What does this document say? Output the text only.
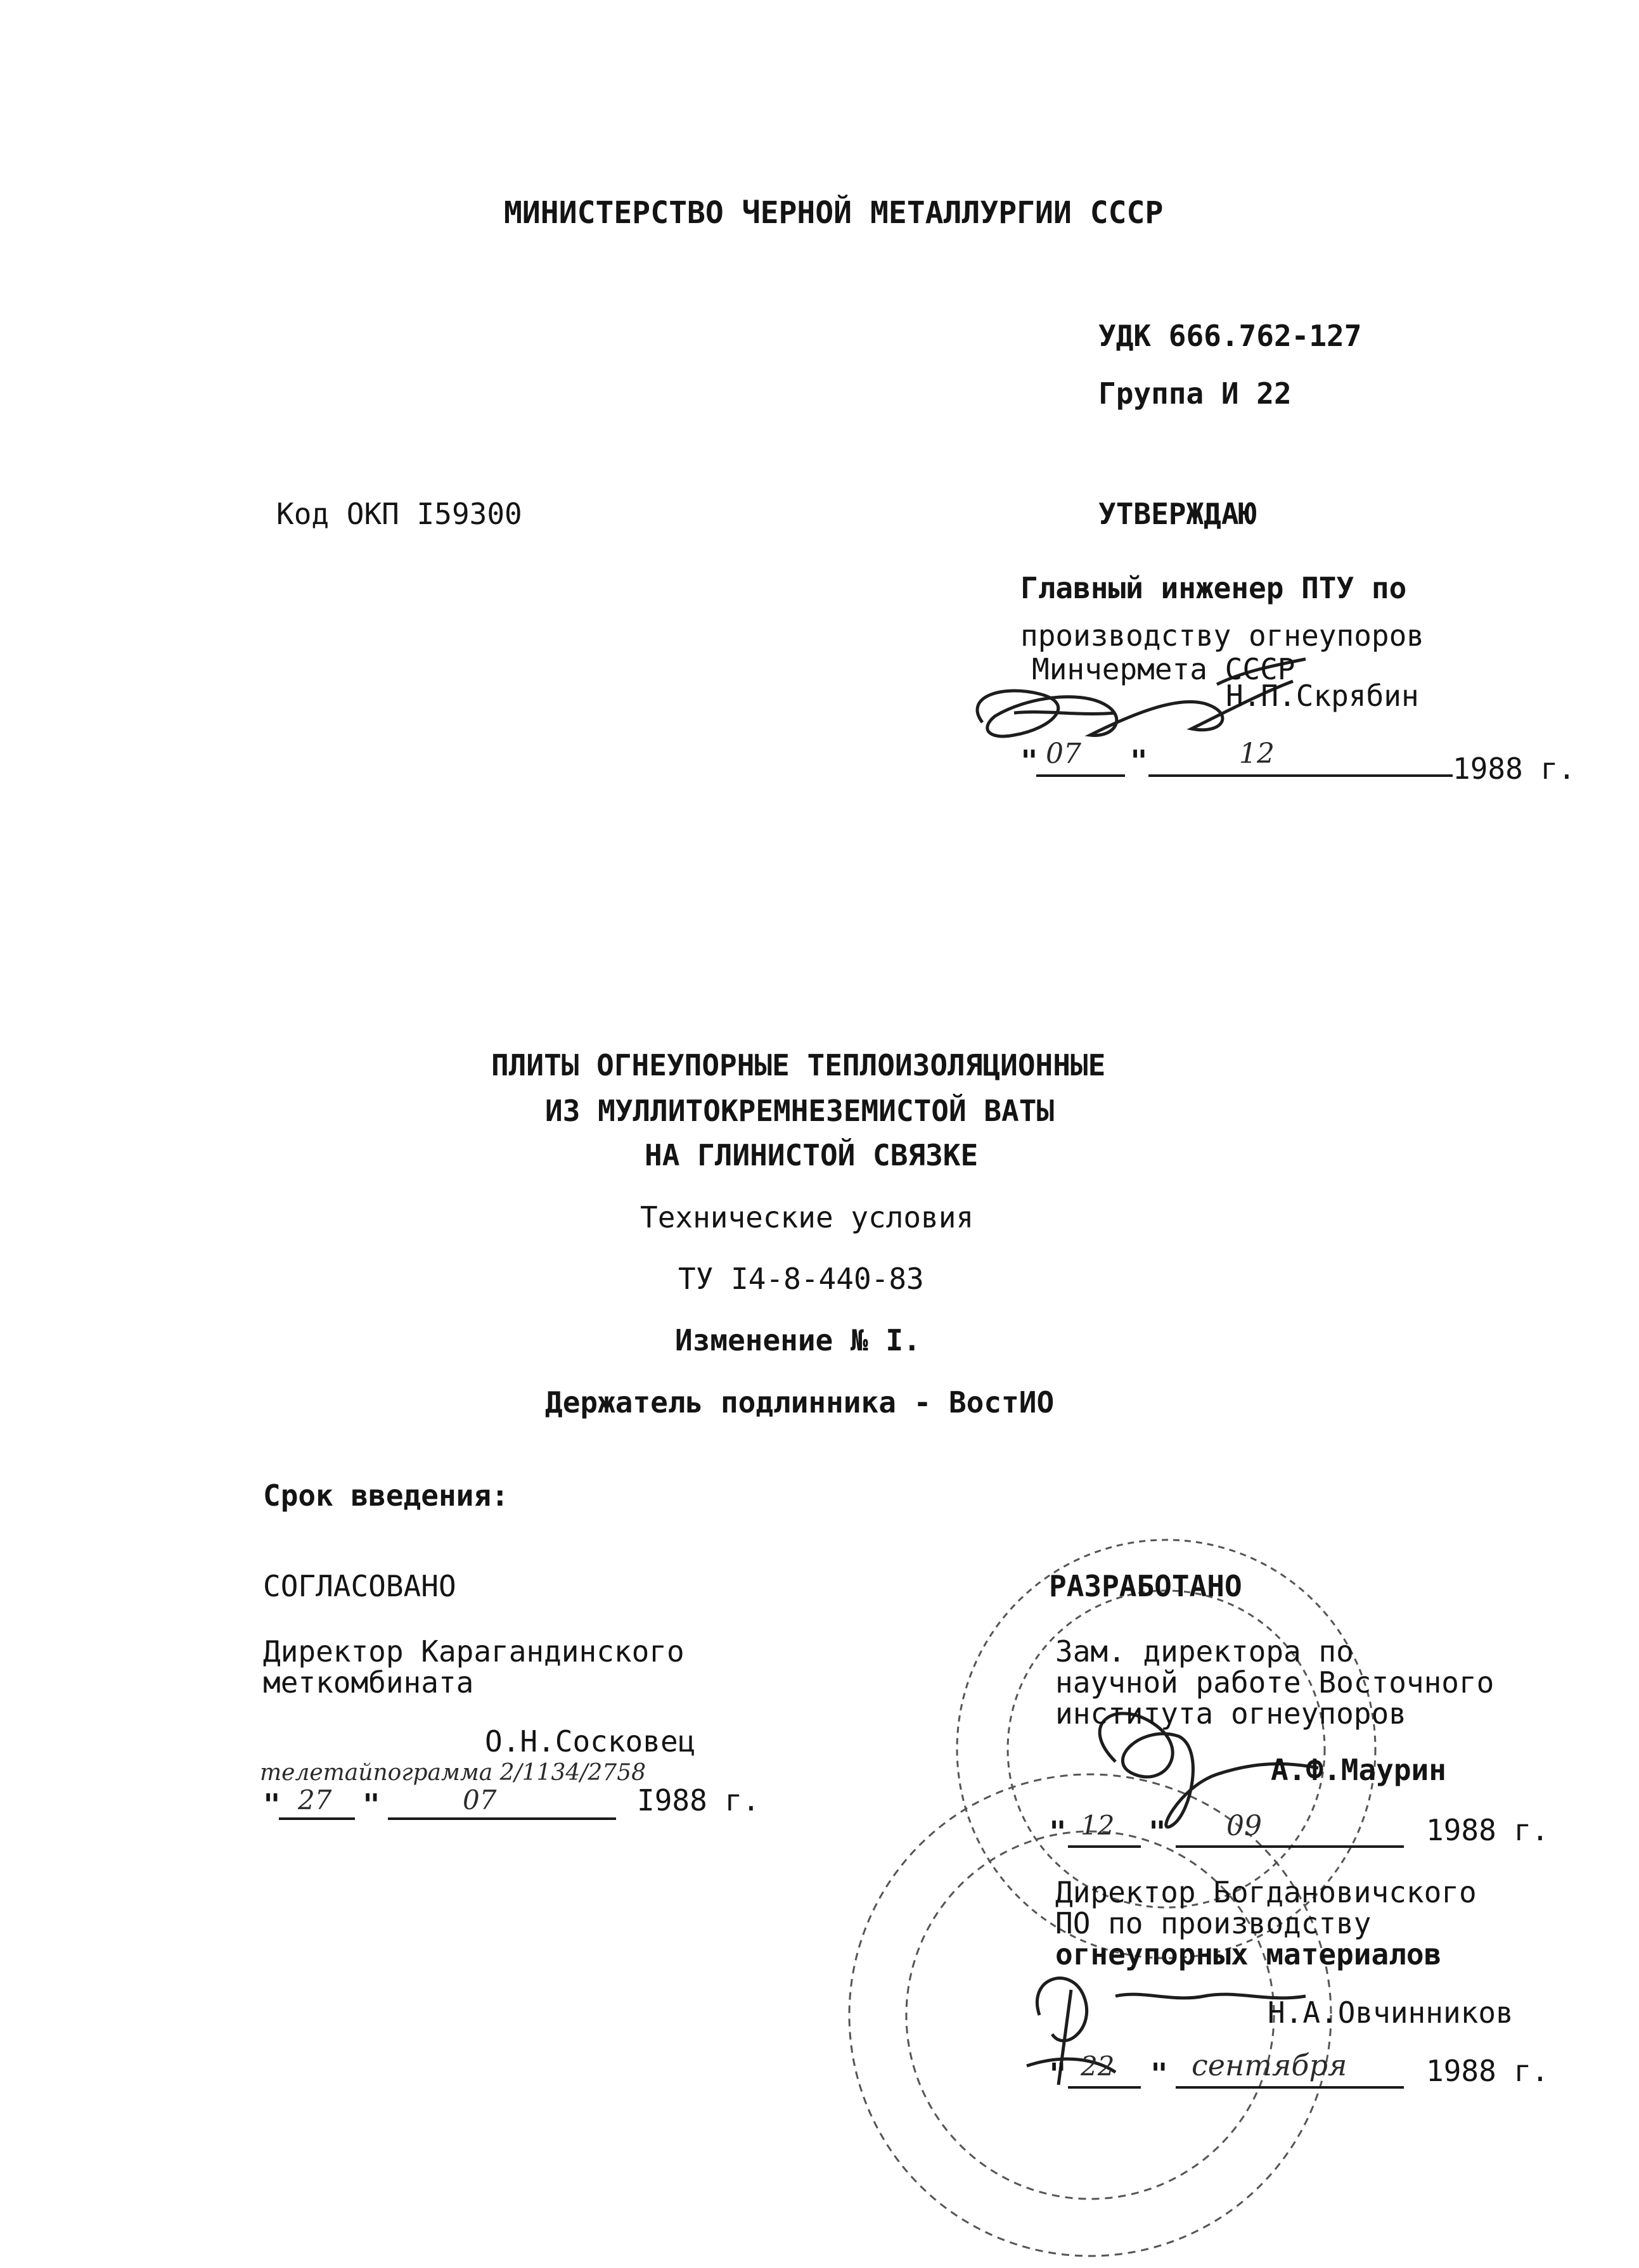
МИНИСТЕРСТВО ЧЕРНОЙ МЕТАЛЛУРГИИ СССР
УДК 666.762-127
Группа И 22
Код ОКП I59300	УТВЕРЖДАЮ
Главный инженер ПТУ по
производству огнеупоров
Минчермета СССР
Н.П.Скрябин
" 07 "	12	1988 г.
ПЛИТЫ ОГНЕУПОРНЫЕ ТЕПЛОИЗОЛЯЦИОННЫЕ
ИЗ МУЛЛИТОКРЕМНЕЗЕМИСТОЙ ВАТЫ
НА ГЛИНИСТОЙ СВЯЗКЕ
Технические условия
ТУ I4-8-440-83
Изменение № I.
Держатель подлинника - ВостИО
Срок введения:
СОГЛАСОВАНО
Директор Карагандинского
меткомбината
О.Н.Сосковец
телетайпограмма 2/1134/2758
" 27 "	07	I988 г.
РАЗРАБОТАНО
Зам. директора по
научной работе Восточного
института огнеупоров
А.Ф.Маурин
" 12 " 09	1988 г.
Директор Богдановичского
ПО по производству
огнеупорных материалов
Н.А.Овчинников
" 22 " сентября	1988 г.
